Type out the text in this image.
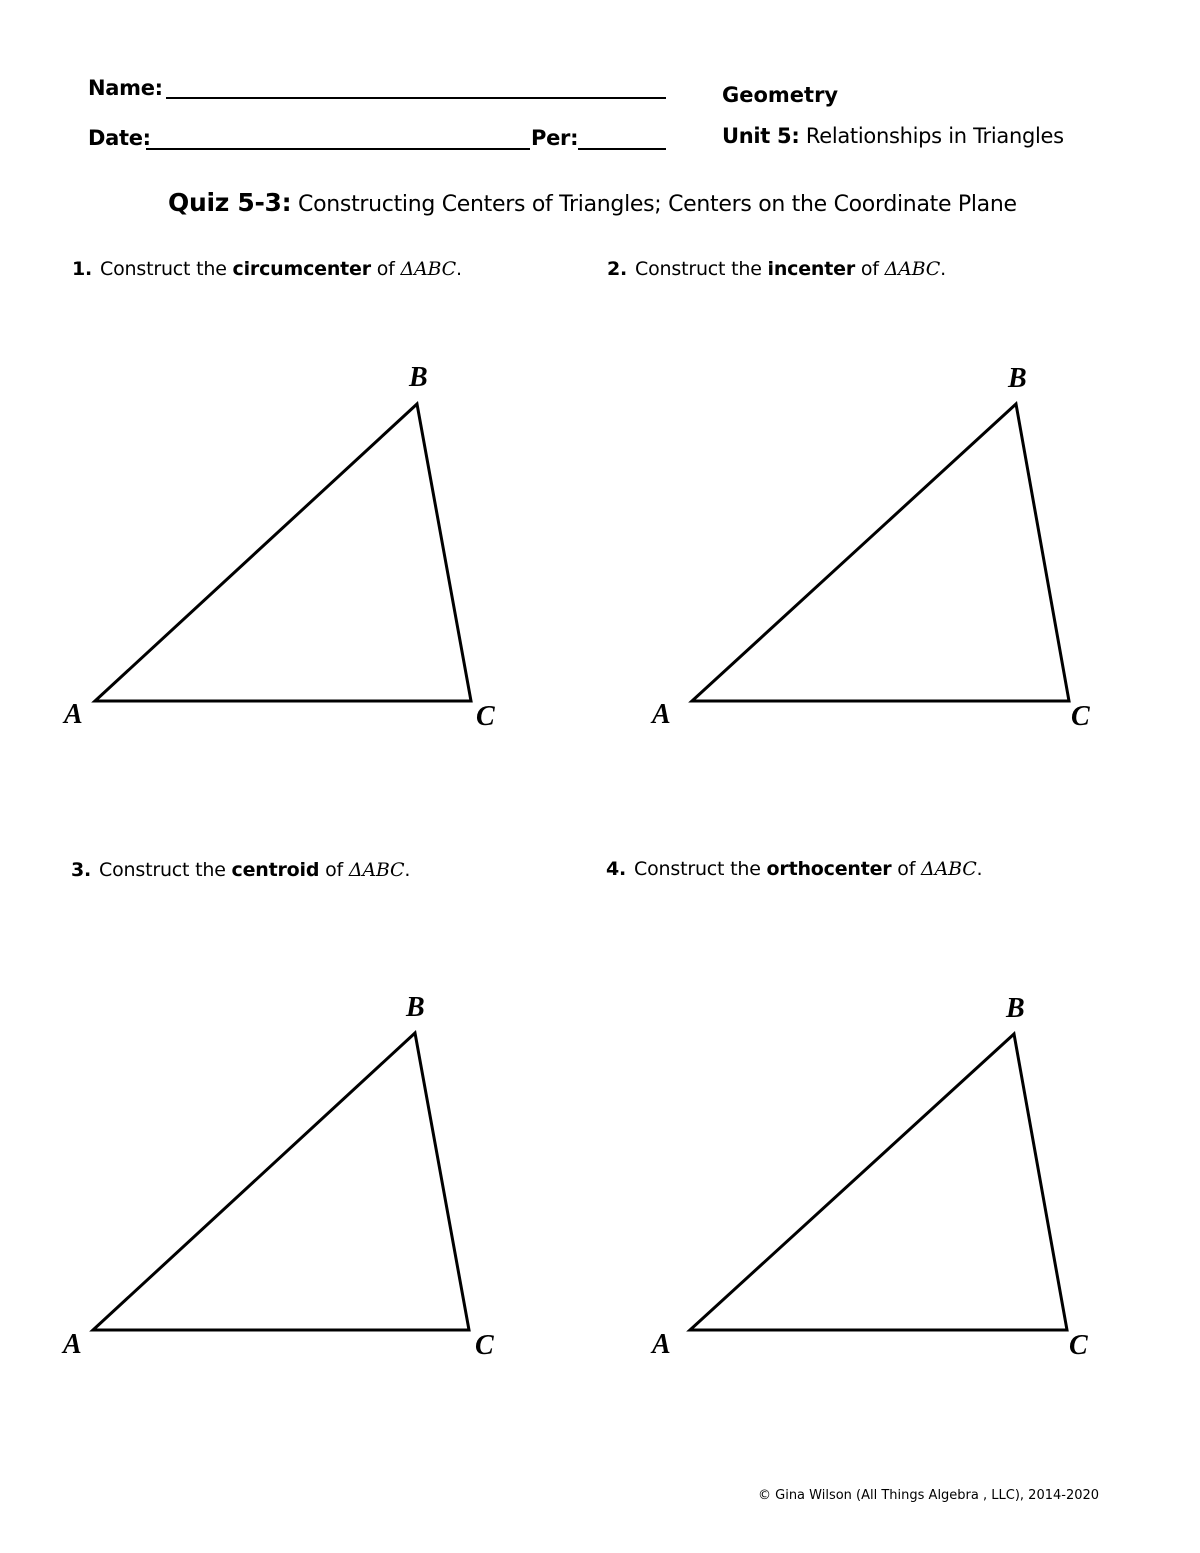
Name:
Date:	Per:
Geometry
Unit 5: Relationships in Triangles
Quiz 5-3: Constructing Centers of Triangles; Centers on the Coordinate Plane
1. Construct the circumcenter of ΔABC.	2. Construct the incenter of ΔABC.
3. Construct the centroid of ΔABC.	4. Construct the orthocenter of ΔABC.
B
A	C
B
A	C
B
A	C
B
A	C
© Gina Wilson (All Things Algebra , LLC), 2014-2020
